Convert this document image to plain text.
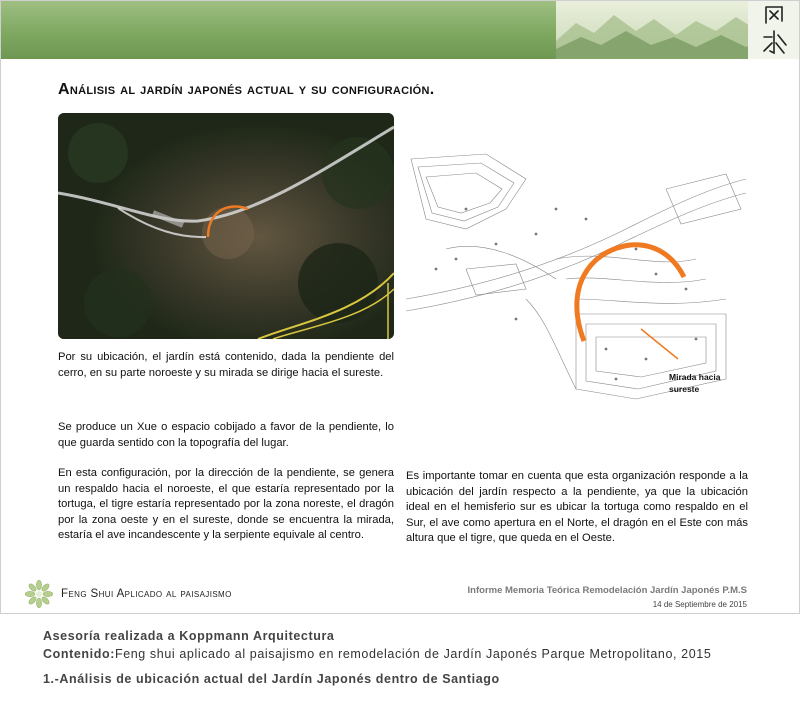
Análisis al jardín japonés actual y su configuración.
Mirada hacia
sureste

Por su ubicación, el jardín está contenido, dada la pendiente del cerro, en su parte noroeste y su mirada se dirige hacia el sureste.

Se produce un Xue o espacio cobijado a favor de la pendiente, lo que guarda sentido con la topografía del lugar.

En esta configuración, por la dirección de la pendiente, se genera un respaldo hacia el noroeste, el que estaría representado por la tortuga, el tigre estaría representado por la zona noreste, el dragón por la zona oeste y en el sureste, donde se encuentra la mirada, estaría el ave incandescente y la serpiente equivale al centro.

Es importante tomar en cuenta que esta organización responde a la ubicación del jardín respecto a la pendiente, ya que la ubicación ideal en el hemisferio sur es ubicar la tortuga como respaldo en el Sur, el ave como apertura en el Norte, el dragón en el Este con más altura que el tigre, que queda en el Oeste.

Feng Shui Aplicado al paisajismo	Informe Memoria Teórica Remodelación Jardín Japonés P.M.S
14 de Septiembre de 2015

Asesoría realizada a Koppmann Arquitectura

Contenido:Feng shui aplicado al paisajismo en remodelación de Jardín Japonés Parque Metropolitano, 2015

1.-Análisis de ubicación actual del Jardín Japonés dentro de Santiago
